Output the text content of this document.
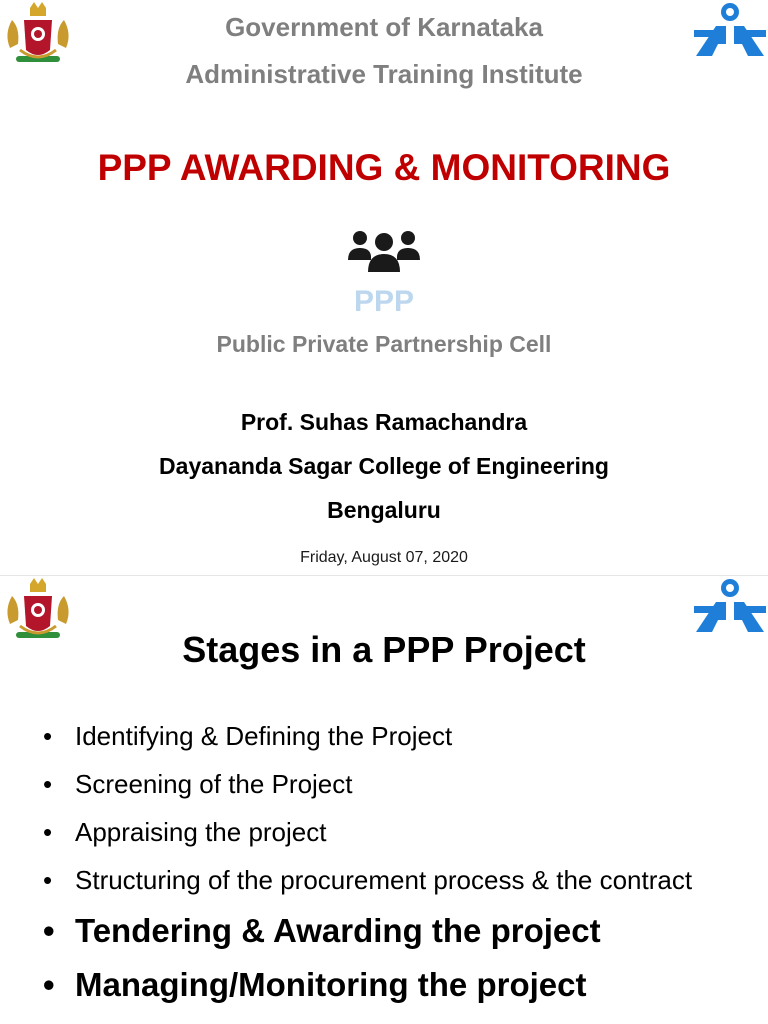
Government of Karnataka
Administrative Training Institute
PPP AWARDING & MONITORING
PPP
Public Private Partnership Cell
Prof. Suhas Ramachandra
Dayananda Sagar College of Engineering
Bengaluru
Friday, August 07, 2020
Stages in a PPP Project
• Identifying & Defining the Project
• Screening of the Project
• Appraising the project
• Structuring of the procurement process & the contract
• Tendering & Awarding the project
• Managing/Monitoring the project
